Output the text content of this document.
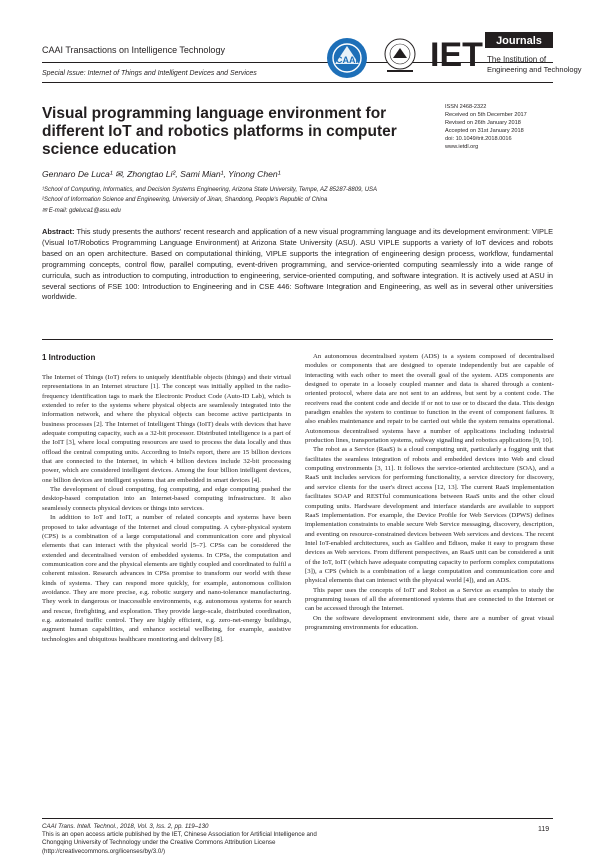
CAAI Transactions on Intelligence Technology
Special Issue: Internet of Things and Intelligent Devices and Services
CAAI IET Journals
The Institution of
Engineering and Technology
Visual programming language environment for different IoT and robotics platforms in computer science education
ISSN 2468-2322
Received on 5th December 2017
Revised on 26th January 2018
Accepted on 31st January 2018
doi: 10.1049/trit.2018.0016
www.ietdl.org
Gennaro De Luca¹ ✉, Zhongtao Li², Sami Mian¹, Yinong Chen¹
¹School of Computing, Informatics, and Decision Systems Engineering, Arizona State University, Tempe, AZ 85287-8809, USA
²School of Information Science and Engineering, University of Jinan, Shandong, People's Republic of China
✉ E-mail: gdeluca1@asu.edu
Abstract: This study presents the authors' recent research and application of a new visual programming language and its development environment: VIPLE (Visual IoT/Robotics Programming Language Environment) at Arizona State University (ASU). ASU VIPLE supports a variety of IoT devices and robots based on an open architecture. Based on computational thinking, VIPLE supports the integration of engineering design process, workflow, fundamental programming concepts, control flow, parallel computing, event-driven programming, and service-oriented computing seamlessly into a wide range of curricula, such as introduction to computing, introduction to engineering, service-oriented computing, and software integration. It is actively used at ASU in several sections of FSE 100: Introduction to Engineering and in CSE 446: Software Integration and Engineering, as well as in several other universities worldwide.
1 Introduction

The Internet of Things (IoT) refers to uniquely identifiable objects (things) and their virtual representations in an Internet structure [1]. The concept was initially applied in the radio-frequency identification tags to mark the Electronic Product Code (Auto-ID Lab), which is extended to refer to the systems where physical objects are seamlessly integrated into the information network, and where the physical objects can become active participants in business processes [2]. The Internet of Intelligent Things (IoIT) deals with devices that have adequate computing capacity, such as a 32-bit processor. Distributed intelligence is a part of the IoIT [3], where local computing resources are used to process the data locally and thus offload the central computing units. According to Intel's report, there are 15 billion devices that are connected to the Internet, in which 4 billion devices include 32-bit processing power, which are considered intelligent devices. Among the four billion intelligent devices, one billion devices are intelligent systems that are embedded in smart devices [4].

The development of cloud computing, fog computing, and edge computing pushed the desktop-based computation into an Internet-based computing infrastructure. It also seamlessly connects physical devices or things into services.

In addition to IoT and IoIT, a number of related concepts and systems have been proposed to take advantage of the Internet and cloud computing. A cyber-physical system (CPS) is a combination of a large computational and communication core and physical elements that can interact with the physical world [5–7]. CPSs can be considered the extended and decentralised version of embedded systems. In CPSs, the computation and communication core and the physical elements are tightly coupled and coordinated to fulfil a coherent mission. Research advances in CPSs promise to transform our world with these kinds of systems. They can respond more quickly, for example, autonomous collision avoidance. They are more precise, e.g. robotic surgery and nano-tolerance manufacturing. They work in dangerous or inaccessible environments, e.g. autonomous systems for search and rescue, firefighting, and exploration. They provide large-scale, distributed coordination, e.g. automated traffic control. They are highly efficient, e.g. zero-net-energy buildings, augment human capabilities, and enhance societal wellbeing, for example, assistive technologies and ubiquitous healthcare monitoring and delivery [8].

An autonomous decentralised system (ADS) is a system composed of decentralised modules or components that are designed to operate independently but are capable of interacting with each other to meet the overall goal of the system. ADS components are designed to operate in a loosely coupled manner and data is shared through a content-oriented protocol, where data are not sent to an address, but sent by a content code. The receivers read the content code and decide if or not to use or to discard the data. This design paradigm enables the system to continue to function in the event of component failures. It also enables maintenance and repair to be carried out while the system remains operational. Autonomous decentralised systems have a number of applications including industrial production lines, transportation systems, railway signalling and robotics applications [9, 10].

The robot as a Service (RaaS) is a cloud computing unit, particularly a fogging unit that facilitates the seamless integration of robots and embedded devices into Web and cloud computing environments [3, 11]. It follows the service-oriented architecture (SOA), and a RaaS unit includes services for performing functionality, a service directory for discovery, and service clients for the user's direct access [12, 13]. The current RaaS implementation facilitates SOAP and RESTful communications between RaaS units and the other cloud computing units. Hardware development and interface standards are available to support RaaS implementation. For example, the Device Profile for Web Services (DPWS) defines implementation constraints to enable secure Web Service messaging, discovery, description, and eventing on resource-constrained devices between Web services and devices. The recent Intel IoT-enabled architectures, such as Galileo and Edison, make it easy to program these devices as Web services. From different perspectives, an RaaS unit can be considered a unit of the IoT, IoIT (which have adequate computing capacity to perform complex computations [3]), a CPS (which is a combination of a large computation and communication core and physical elements that can interact with the physical world [4]), and an ADS.

This paper uses the concepts of IoIT and Robot as a Service as examples to study the programming issues of all the aforementioned systems that are connected to the Internet or can be accessed through the Internet.

On the software development environment side, there are a number of great visual programming environments for education.

CAAI Trans. Intell. Technol., 2018, Vol. 3, Iss. 2, pp. 119–130
This is an open access article published by the IET, Chinese Association for Artificial Intelligence and
Chongqing University of Technology under the Creative Commons Attribution License
(http://creativecommons.org/licenses/by/3.0/)
119
